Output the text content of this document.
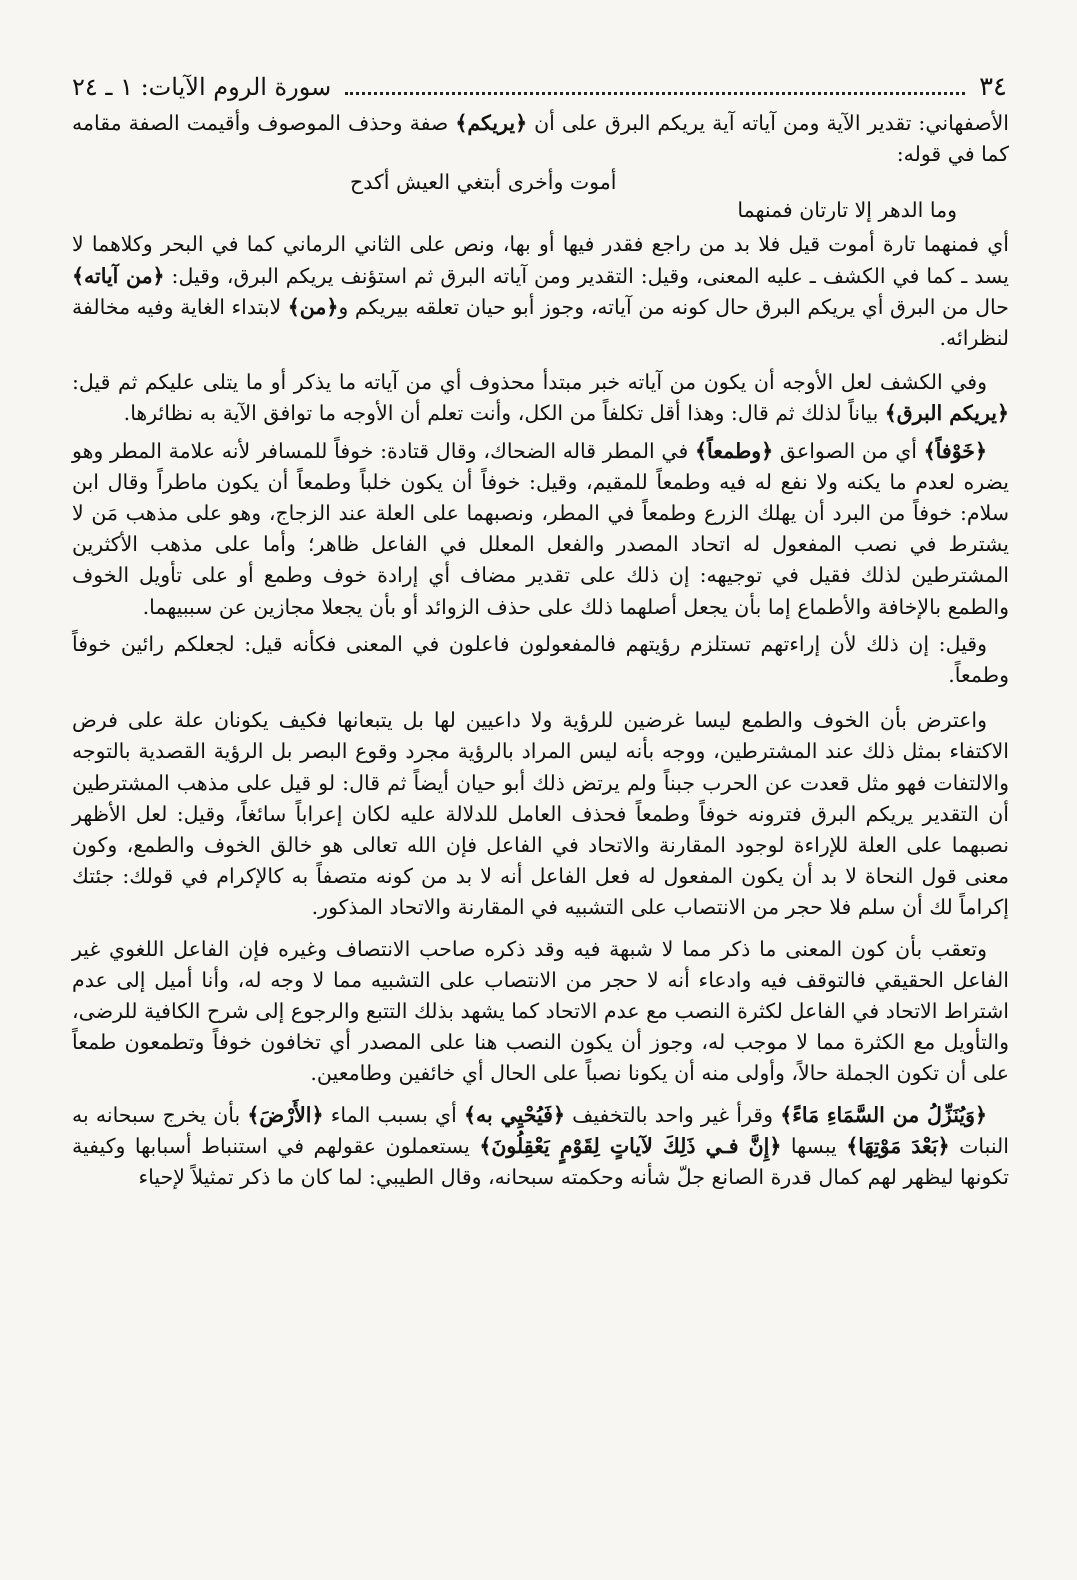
٣٤
سورة الروم الآيات: ١ ـ ٢٤

الأصفهاني: تقدير الآية ومن آياته آية يريكم البرق على أن ﴿يريكم﴾ صفة وحذف الموصوف وأقيمت الصفة مقامه كما في قوله:

أموت وأخرى أبتغي العيش أكدح
وما الدهر إلا تارتان فمنهما

أي فمنهما تارة أموت قيل فلا بد من راجع فقدر فيها أو بها، ونص على الثاني الرماني كما في البحر وكلاهما لا يسد ـ كما في الكشف ـ عليه المعنى، وقيل: التقدير ومن آياته البرق ثم استؤنف يريكم البرق، وقيل: ﴿من آياته﴾ حال من البرق أي يريكم البرق حال كونه من آياته، وجوز أبو حيان تعلقه بيريكم و﴿من﴾ لابتداء الغاية وفيه مخالفة لنظرائه.

وفي الكشف لعل الأوجه أن يكون من آياته خبر مبتدأ محذوف أي من آياته ما يذكر أو ما يتلى عليكم ثم قيل: ﴿يريكم البرق﴾ بياناً لذلك ثم قال: وهذا أقل تكلفاً من الكل، وأنت تعلم أن الأوجه ما توافق الآية به نظائرها.

﴿خَوْفاً﴾ أي من الصواعق ﴿وطمعاً﴾ في المطر قاله الضحاك، وقال قتادة: خوفاً للمسافر لأنه علامة المطر وهو يضره لعدم ما يكنه ولا نفع له فيه وطمعاً للمقيم، وقيل: خوفاً أن يكون خلباً وطمعاً أن يكون ماطراً وقال ابن سلام: خوفاً من البرد أن يهلك الزرع وطمعاً في المطر، ونصبهما على العلة عند الزجاج، وهو على مذهب مَن لا يشترط في نصب المفعول له اتحاد المصدر والفعل المعلل في الفاعل ظاهر؛ وأما على مذهب الأكثرين المشترطين لذلك فقيل في توجيهه: إن ذلك على تقدير مضاف أي إرادة خوف وطمع أو على تأويل الخوف والطمع بالإخافة والأطماع إما بأن يجعل أصلهما ذلك على حذف الزوائد أو بأن يجعلا مجازين عن سببيهما.

وقيل: إن ذلك لأن إراءتهم تستلزم رؤيتهم فالمفعولون فاعلون في المعنى فكأنه قيل: لجعلكم رائين خوفاً وطمعاً.

واعترض بأن الخوف والطمع ليسا غرضين للرؤية ولا داعيين لها بل يتبعانها فكيف يكونان علة على فرض الاكتفاء بمثل ذلك عند المشترطين، ووجه بأنه ليس المراد بالرؤية مجرد وقوع البصر بل الرؤية القصدية بالتوجه والالتفات فهو مثل قعدت عن الحرب جبناً ولم يرتض ذلك أبو حيان أيضاً ثم قال: لو قيل على مذهب المشترطين أن التقدير يريكم البرق فترونه خوفاً وطمعاً فحذف العامل للدلالة عليه لكان إعراباً سائغاً، وقيل: لعل الأظهر نصبهما على العلة للإراءة لوجود المقارنة والاتحاد في الفاعل فإن الله تعالى هو خالق الخوف والطمع، وكون معنى قول النحاة لا بد أن يكون المفعول له فعل الفاعل أنه لا بد من كونه متصفاً به كالإكرام في قولك: جئتك إكراماً لك أن سلم فلا حجر من الانتصاب على التشبيه في المقارنة والاتحاد المذكور.

وتعقب بأن كون المعنى ما ذكر مما لا شبهة فيه وقد ذكره صاحب الانتصاف وغيره فإن الفاعل اللغوي غير الفاعل الحقيقي فالتوقف فيه وادعاء أنه لا حجر من الانتصاب على التشبيه مما لا وجه له، وأنا أميل إلى عدم اشتراط الاتحاد في الفاعل لكثرة النصب مع عدم الاتحاد كما يشهد بذلك التتبع والرجوع إلى شرح الكافية للرضى، والتأويل مع الكثرة مما لا موجب له، وجوز أن يكون النصب هنا على المصدر أي تخافون خوفاً وتطمعون طمعاً على أن تكون الجملة حالاً، وأولى منه أن يكونا نصباً على الحال أي خائفين وطامعين.

﴿وَيُنَزِّلُ من السَّمَاءِ مَاءً﴾ وقرأ غير واحد بالتخفيف ﴿فَيُحْيِي به﴾ أي بسبب الماء ﴿الأَرْضَ﴾ بأن يخرج سبحانه به النبات ﴿بَعْدَ مَوْتِهَا﴾ يبسها ﴿إِنَّ فـي ذَلِكَ لآياتٍ لِقَوْمٍ يَعْقِلُونَ﴾ يستعملون عقولهم في استنباط أسبابها وكيفية تكونها ليظهر لهم كمال قدرة الصانع جلّ شأنه وحكمته سبحانه، وقال الطيبي: لما كان ما ذكر تمثيلاً لإحياء
